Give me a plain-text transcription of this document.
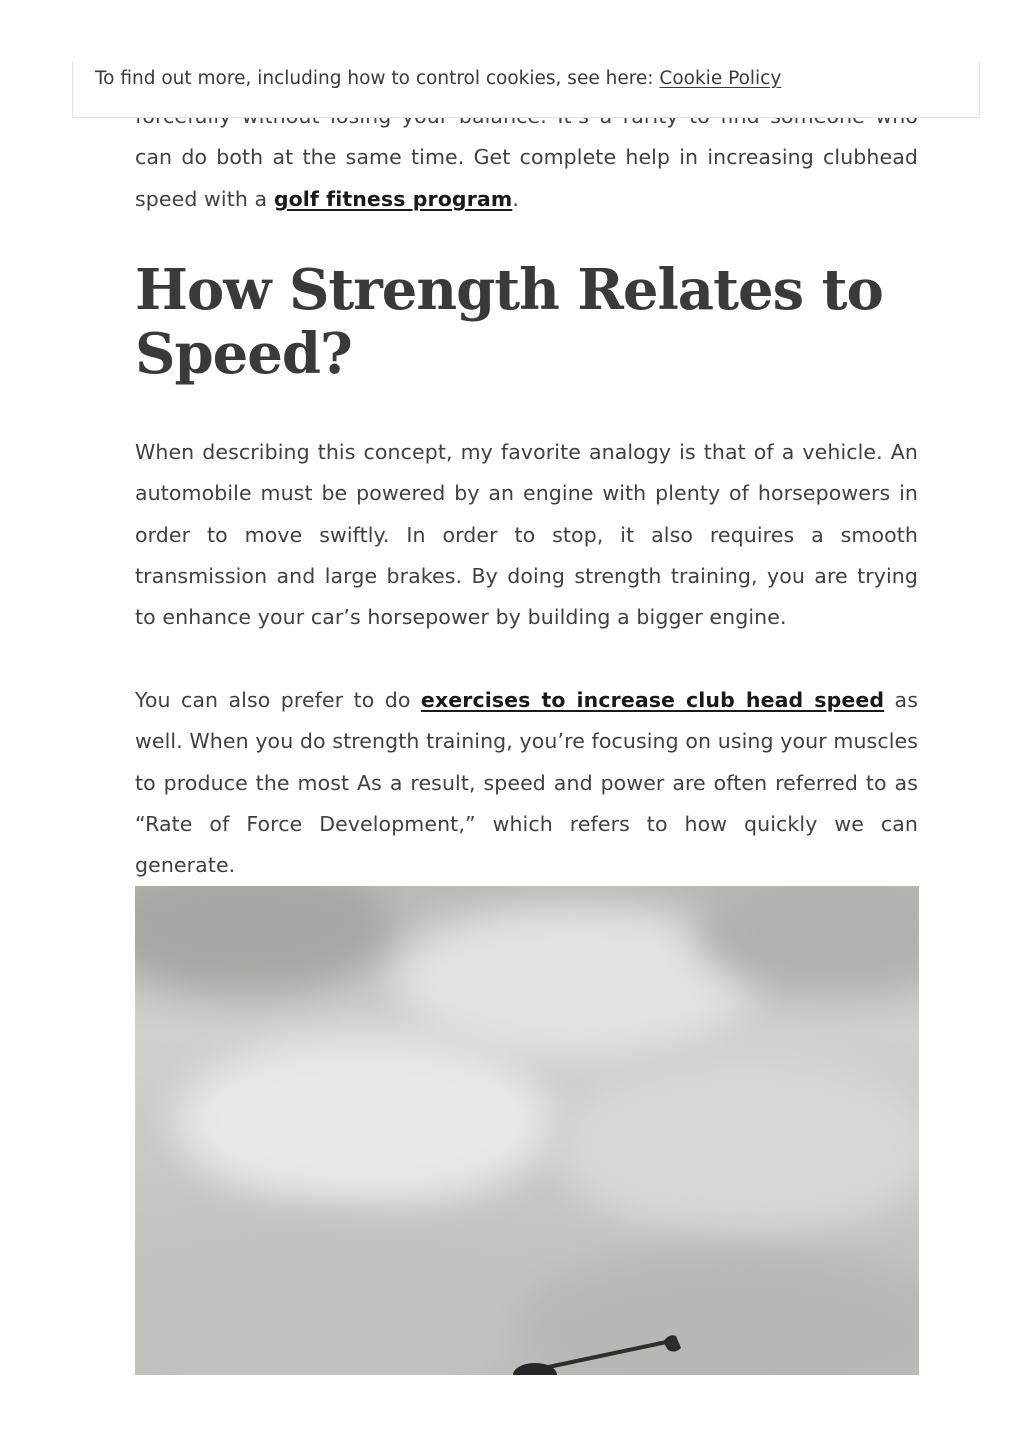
can do both at the same time. Get complete help in increasing clubhead speed with a golf fitness program.

How Strength Relates to Speed?

When describing this concept, my favorite analogy is that of a vehicle. An automobile must be powered by an engine with plenty of horsepowers in order to move swiftly. In order to stop, it also requires a smooth transmission and large brakes. By doing strength training, you are trying to enhance your car’s horsepower by building a bigger engine.

You can also prefer to do exercises to increase club head speed as well. When you do strength training, you’re focusing on using your muscles to produce the most As a result, speed and power are often referred to as “Rate of Force Development,” which refers to how quickly we can generate.

To find out more, including how to control cookies, see here: Cookie Policy
